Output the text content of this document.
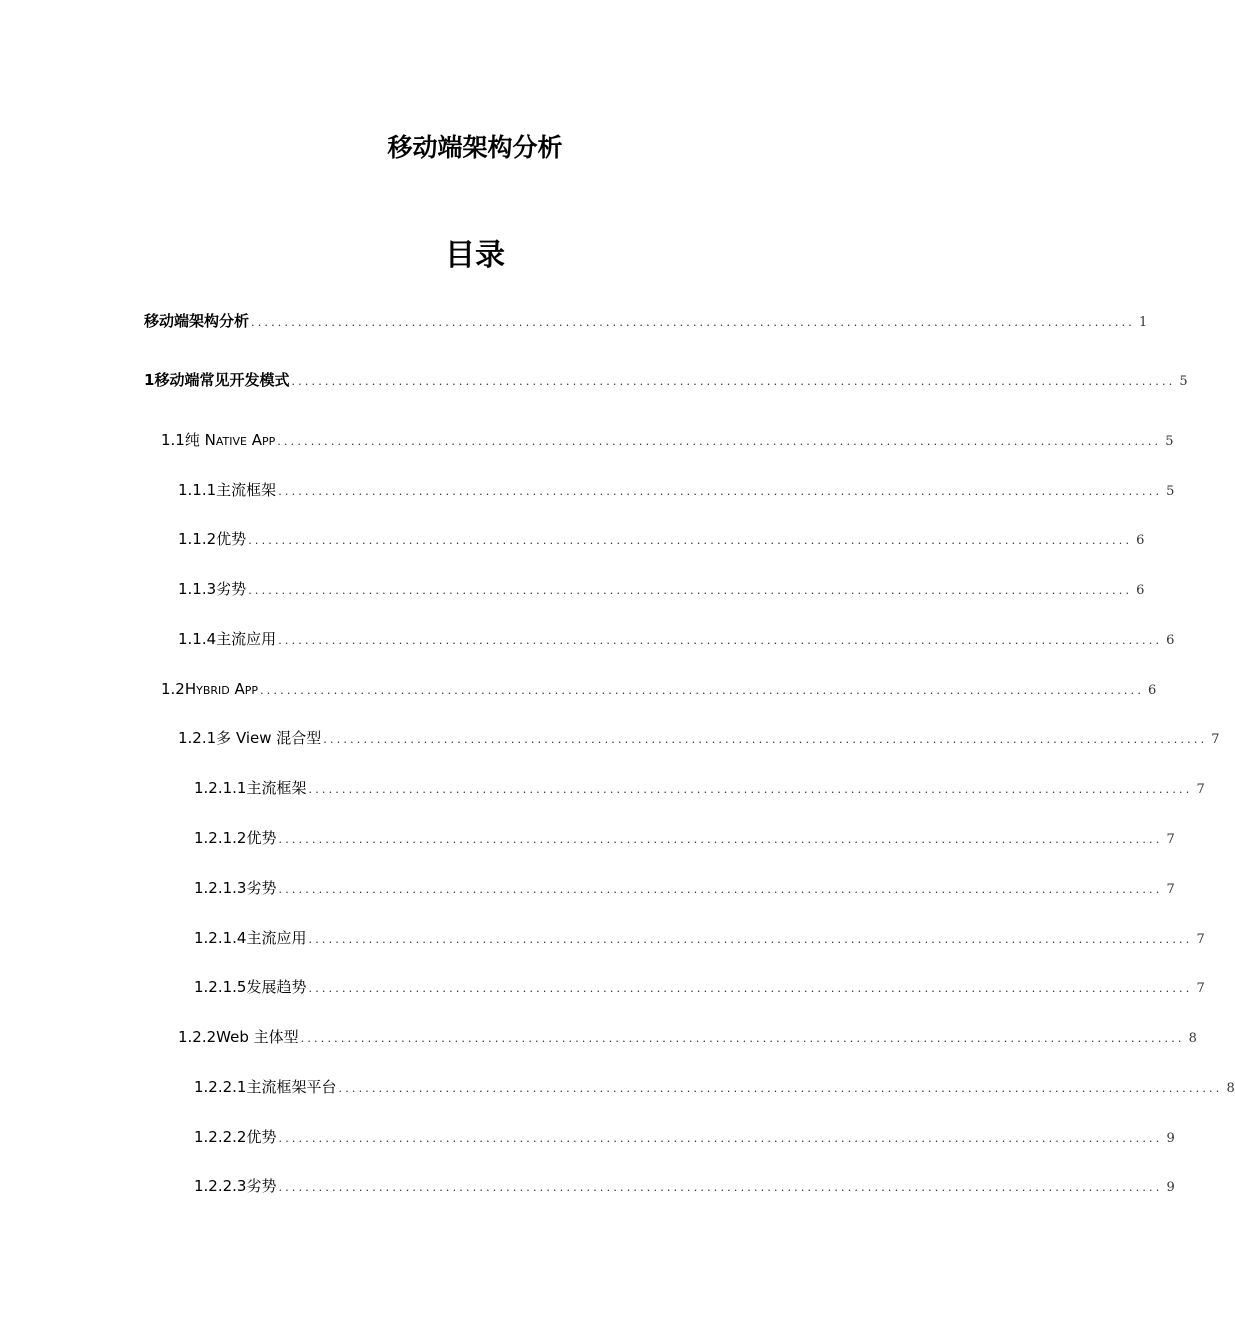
移动端架构分析
目录
移动端架构分析 .................................................................................................................................... 1
1 移动端常见开发模式 .................................................................................................................................... 5
1.1 纯 NATIVE APP .................................................................................................................................... 5
1.1.1 主流框架 .................................................................................................................................... 5
1.1.2 优势 .................................................................................................................................... 6
1.1.3 劣势 .................................................................................................................................... 6
1.1.4 主流应用 .................................................................................................................................... 6
1.2 HYBRID APP .................................................................................................................................... 6
1.2.1 多 View 混合型 .................................................................................................................................... 7
1.2.1.1 主流框架 .................................................................................................................................... 7
1.2.1.2 优势 .................................................................................................................................... 7
1.2.1.3 劣势 .................................................................................................................................... 7
1.2.1.4 主流应用 .................................................................................................................................... 7
1.2.1.5 发展趋势 .................................................................................................................................... 7
1.2.2 Web 主体型 .................................................................................................................................... 8
1.2.2.1 主流框架平台 .................................................................................................................................... 8
1.2.2.2 优势 .................................................................................................................................... 9
1.2.2.3 劣势 .................................................................................................................................... 9
